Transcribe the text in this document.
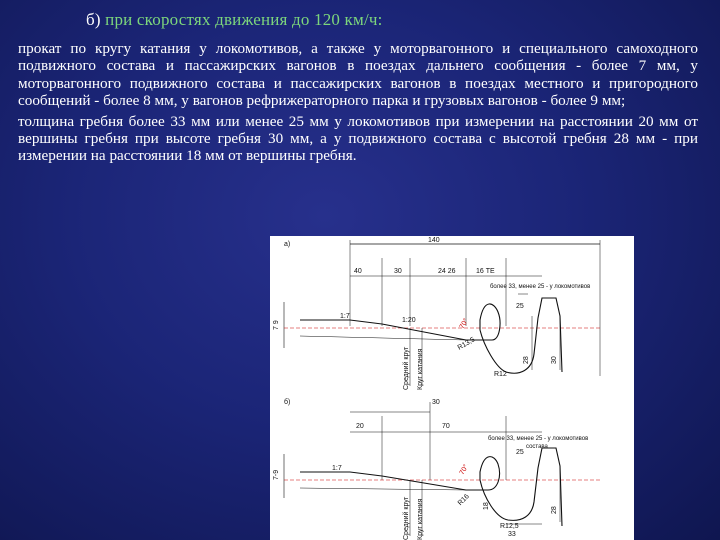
б) при скоростях движения до 120 км/ч:

прокат по кругу катания у локомотивов, а также у моторвагонного и специального самоходного подвижного состава и пассажирских вагонов в поездах дальнего сообщения - более 7 мм, у моторвагонного подвижного состава и пассажирских вагонов в поездах местного и пригородного сообщений - более 8 мм, у вагонов рефрижераторного парка и грузовых вагонов - более 9 мм;

толщина гребня более 33 мм или менее 25 мм у локомотивов при измерении на расстоянии 20 мм от вершины гребня при высоте гребня 30 мм, а у подвижного состава с высотой гребня 28 мм - при измерении на расстоянии 18 мм от вершины гребня.

а)
140
40	30	24 26	16 ТЕ
более 33, менее 25 - у локомотивов
25
7 9
1:7
1:20	70°
R13,5
R12
28	30
Средний круг Круг катания
б)	30
20	70
более 33, менее 25 - у локомотивов
состава
25
7-9
1:7	70°
R16
R12,5
33
18
28
Средний круг Круг катания
